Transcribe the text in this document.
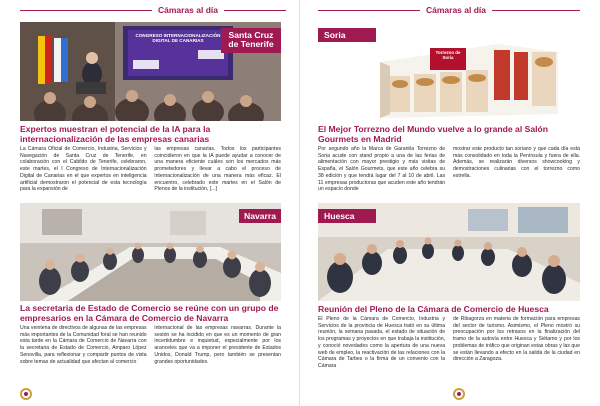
Cámaras al día
CONGRESO INTERNACIONALIZACIÓN DIGITAL DE CANARIAS
Santa Cruz de Tenerife

Expertos muestran el potencial de la IA para la internacionalización de las empresas canarias

La Cámara Oficial de Comercio, Industria, Servicios y Navegación de Santa Cruz de Tenerife, en colaboración con el Cabildo de Tenerife, celebraron, este martes, el I Congreso de Internacionalización Digital de Canarias en el que expertos en inteligencia artificial demostraron el potencial de esta tecnología para la expansión de

las empresas canarias. Todos los participantes coincidieron en que la IA puede ayudar a conocer de una manera eficiente cuáles son los mercados más prometedores y llevar a cabo el proceso de internacionalización de una manera más eficaz. El encuentro, celebrado este martes en el Salón de Plenos de la institución, [...]

Navarra

La secretaria de Estado de Comercio se reúne con un grupo de empresarios en la Cámara de Comercio de Navarra

Una veintena de directivos de algunas de las empresas más importantes de la Comunidad foral se han reunido esta tarde en la Cámara de Comercio de Navarra con la secretaria de Estado de Comercio, Amparo López Senovilla, para reflexionar y compartir puntos de vista sobre temas de actualidad que afectan al comercio

internacional de las empresas navarras. Durante la sesión se ha incidido en que es un momento de gran incertidumbre e inquietud, especialmente por los aranceles que va a imponer el presidente de Estados Unidos, Donald Trump, pero también se presentan grandes oportunidades.

Cámaras al día
Torrezno de Soria
Soria

El Mejor Torrezno del Mundo vuelve a lo grande al Salón Gourmets en Madrid

Por segundo año la Marca de Garantía Torrezno de Soria acude con stand propio a una de las ferias de alimentación con mayor prestigio y más visitas de España, el Salón Gourmets, que este año celebra su 38 edición y que tendrá lugar del 7 al 10 de abril. Las 11 empresas productoras que acuden este año tendrán un espacio donde

mostrar este producto tan soriano y que cada día está más consolidado en toda la Península y fuera de ella. Además, se realizarán diversos showcooking y demostraciones culinarias con el torrezno como estrella.

Huesca

Reunión del Pleno de la Cámara de Comercio de Huesca

El Pleno de la Cámara de Comercio, Industria y Servicios de la provincia de Huesca trató en su última reunión, la semana pasada, el estado de situación de los programas y proyectos en que trabaja la institución, y conoció novedades como la apertura de una nueva web de empleo, la reactivación de las relaciones con la Cámara de Tarbes o la firma de un convenio con la Cámara

de Ribagorza en materia de formación para empresas del sector de turismo. Asimismo, el Pleno mostró su preocupación por los retrasos en la finalización del tramo de la autovía entre Huesca y Siétamo y por los problemas de tráfico que originan estas obras y las que se están llevando a efecto en la salida de la ciudad en dirección a Zaragoza.
